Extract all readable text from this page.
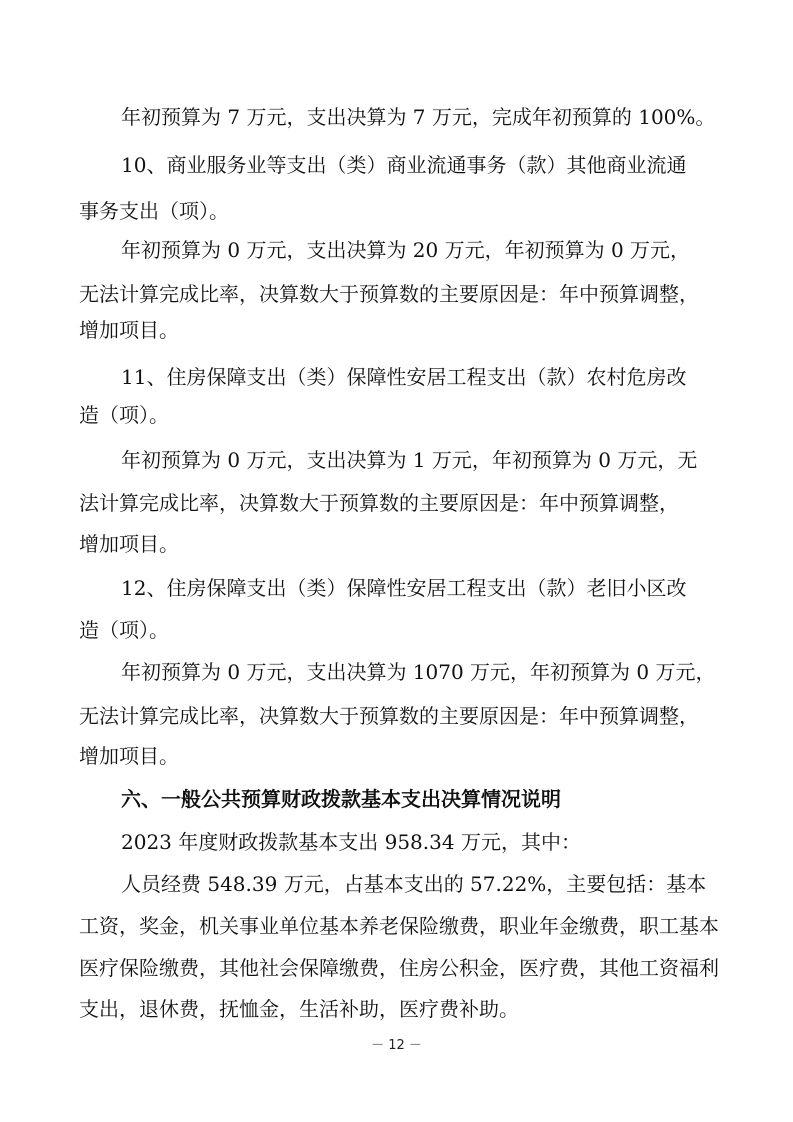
年初预算为 7 万元，支出决算为 7 万元，完成年初预算的 100%。
10、商业服务业等支出（类）商业流通事务（款）其他商业流通
事务支出（项）。
年初预算为 0 万元，支出决算为 20 万元，年初预算为 0 万元，
无法计算完成比率，决算数大于预算数的主要原因是：年中预算调整，
增加项目。
11、住房保障支出（类）保障性安居工程支出（款）农村危房改
造（项）。
年初预算为 0 万元，支出决算为 1 万元，年初预算为 0 万元，无
法计算完成比率，决算数大于预算数的主要原因是：年中预算调整，
增加项目。
12、住房保障支出（类）保障性安居工程支出（款）老旧小区改
造（项）。
年初预算为 0 万元，支出决算为 1070 万元，年初预算为 0 万元，
无法计算完成比率，决算数大于预算数的主要原因是：年中预算调整，
增加项目。
六、一般公共预算财政拨款基本支出决算情况说明
2023 年度财政拨款基本支出 958.34 万元，其中：
人员经费 548.39 万元，占基本支出的 57.22%，主要包括：基本
工资，奖金，机关事业单位基本养老保险缴费，职业年金缴费，职工基本
医疗保险缴费，其他社会保障缴费，住房公积金，医疗费，其他工资福利
支出，退休费，抚恤金，生活补助，医疗费补助。
－ 12 －
